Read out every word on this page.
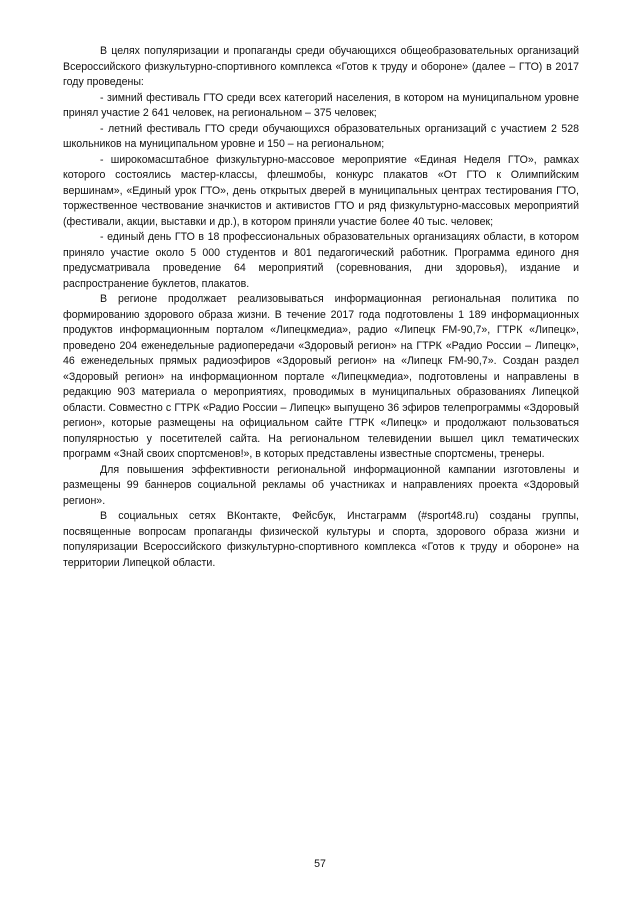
В целях популяризации и пропаганды среди обучающихся общеобразовательных организаций Всероссийского физкультурно-спортивного комплекса «Готов к труду и обороне» (далее – ГТО) в 2017 году проведены:

- зимний фестиваль ГТО среди всех категорий населения, в котором на муниципальном уровне принял участие 2 641 человек, на региональном – 375 человек;

- летний фестиваль ГТО среди обучающихся образовательных организаций с участием 2 528 школьников на муниципальном уровне и 150 – на региональном;

- широкомасштабное физкультурно-массовое мероприятие «Единая Неделя ГТО», рамках которого состоялись мастер-классы, флешмобы, конкурс плакатов «От ГТО к Олимпийским вершинам», «Единый урок ГТО», день открытых дверей в муниципальных центрах тестирования ГТО, торжественное чествование значкистов и активистов ГТО и ряд физкультурно-массовых мероприятий (фестивали, акции, выставки и др.), в котором приняли участие более 40 тыс. человек;

- единый день ГТО в 18 профессиональных образовательных организациях области, в котором приняло участие около 5 000 студентов и 801 педагогический работник. Программа единого дня предусматривала проведение 64 мероприятий (соревнования, дни здоровья), издание и распространение буклетов, плакатов.

В регионе продолжает реализовываться информационная региональная политика по формированию здорового образа жизни. В течение 2017 года подготовлены 1 189 информационных продуктов информационным порталом «Липецкмедиа», радио «Липецк FM-90,7», ГТРК «Липецк», проведено 204 еженедельные радиопередачи «Здоровый регион» на ГТРК «Радио России – Липецк», 46 еженедельных прямых радиоэфиров «Здоровый регион» на «Липецк FM-90,7». Создан раздел «Здоровый регион» на информационном портале «Липецкмедиа», подготовлены и направлены в редакцию 903 материала о мероприятиях, проводимых в муниципальных образованиях Липецкой области. Совместно с ГТРК «Радио России – Липецк» выпущено 36 эфиров телепрограммы «Здоровый регион», которые размещены на официальном сайте ГТРК «Липецк» и продолжают пользоваться популярностью у посетителей сайта. На региональном телевидении вышел цикл тематических программ «Знай своих спортсменов!», в которых представлены известные спортсмены, тренеры.

Для повышения эффективности региональной информационной кампании изготовлены и размещены 99 баннеров социальной рекламы об участниках и направлениях проекта «Здоровый регион».

В социальных сетях ВКонтакте, Фейсбук, Инстаграмм (#sport48.ru) созданы группы, посвященные вопросам пропаганды физической культуры и спорта, здорового образа жизни и популяризации Всероссийского физкультурно-спортивного комплекса «Готов к труду и обороне» на территории Липецкой области.

57
